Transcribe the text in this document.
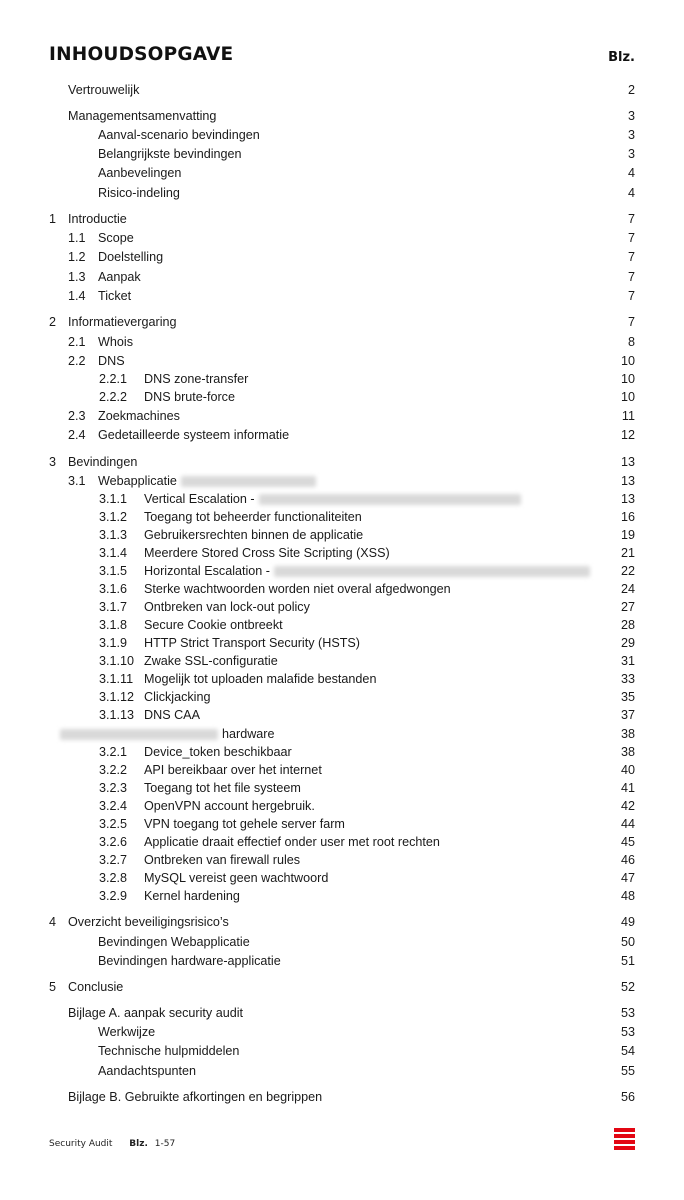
INHOUDSOPGAVE	Blz.
Vertrouwelijk	2
Managementsamenvatting	3
Aanval-scenario bevindingen	3
Belangrijkste bevindingen	3
Aanbevelingen	4
Risico-indeling	4
1 Introductie	7
1.1 Scope	7
1.2 Doelstelling	7
1.3 Aanpak	7
1.4 Ticket	7
2 Informatievergaring	7
2.1 Whois	8
2.2 DNS	10
2.2.1 DNS zone-transfer	10
2.2.2 DNS brute-force	10
2.3 Zoekmachines	11
2.4 Gedetailleerde systeem informatie	12
3 Bevindingen	13
3.1 Webapplicatie	13
3.1.1 Vertical Escalation -	13
3.1.2 Toegang tot beheerder functionaliteiten	16
3.1.3 Gebruikersrechten binnen de applicatie	19
3.1.4 Meerdere Stored Cross Site Scripting (XSS)	21
3.1.5 Horizontal Escalation -	22
3.1.6 Sterke wachtwoorden worden niet overal afgedwongen	24
3.1.7 Ontbreken van lock-out policy	27
3.1.8 Secure Cookie ontbreekt	28
3.1.9 HTTP Strict Transport Security (HSTS)	29
3.1.10 Zwake SSL-configuratie	31
3.1.11 Mogelijk tot uploaden malafide bestanden	33
3.1.12 Clickjacking	35
3.1.13 DNS CAA	37
hardware	38
3.2.1 Device_token beschikbaar	38
3.2.2 API bereikbaar over het internet	40
3.2.3 Toegang tot het file systeem	41
3.2.4 OpenVPN account hergebruik.	42
3.2.5 VPN toegang tot gehele server farm	44
3.2.6 Applicatie draait effectief onder user met root rechten	45
3.2.7 Ontbreken van firewall rules	46
3.2.8 MySQL vereist geen wachtwoord	47
3.2.9 Kernel hardening	48
4 Overzicht beveiligingsrisico’s	49
Bevindingen Webapplicatie	50
Bevindingen hardware-applicatie	51
5 Conclusie	52
Bijlage A. aanpak security audit	53
Werkwijze	53
Technische hulpmiddelen	54
Aandachtspunten	55
Bijlage B. Gebruikte afkortingen en begrippen	56
Security Audit Blz. 1-57
